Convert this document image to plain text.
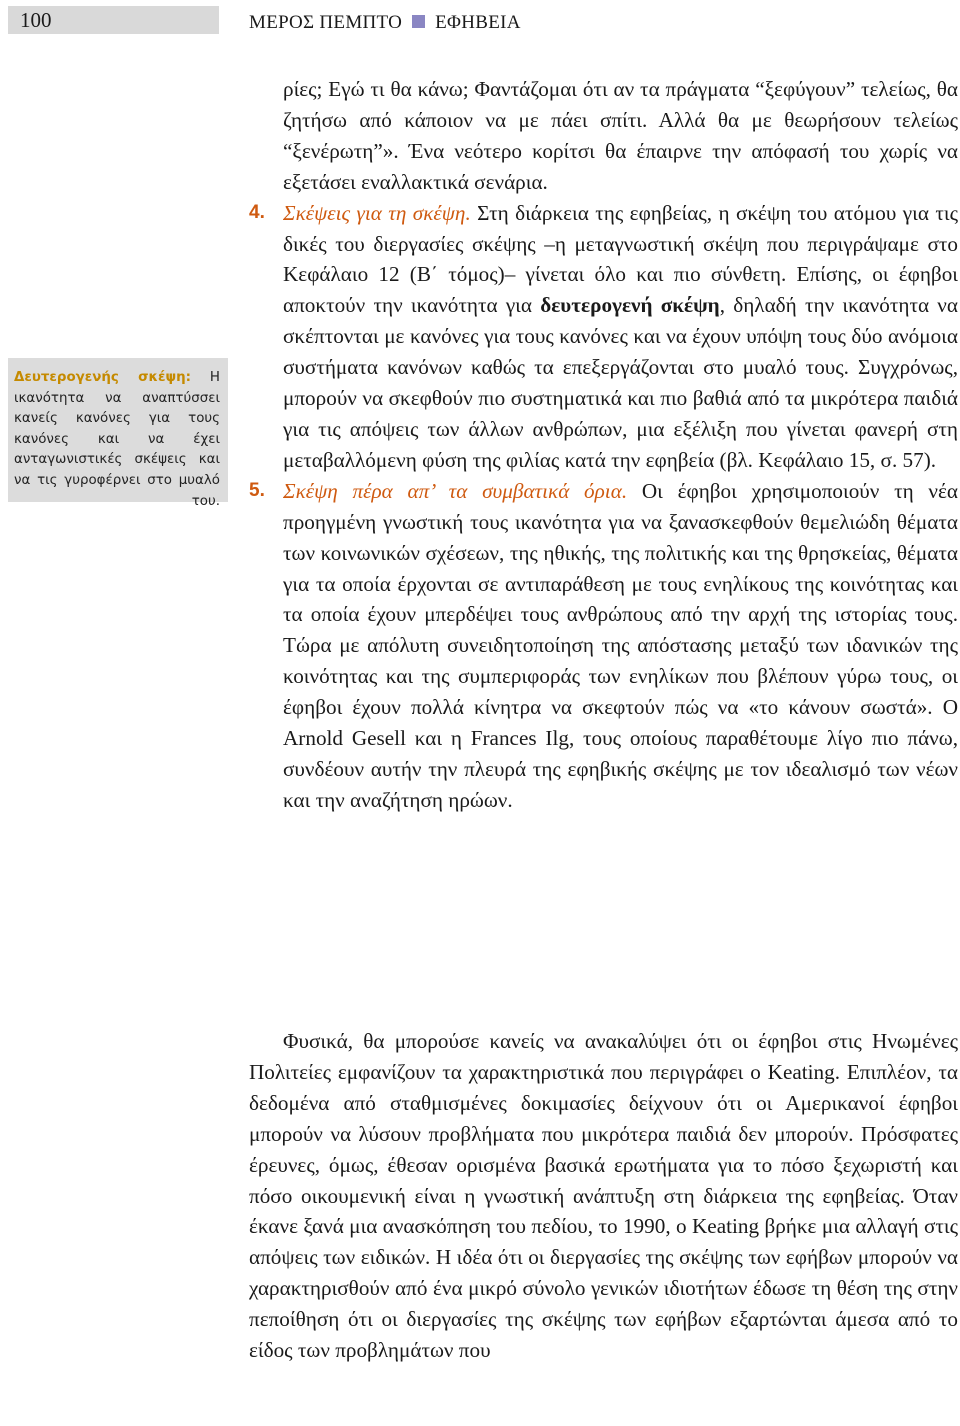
100	ΜΕΡΟΣ ΠΕΜΠΤΟ ΕΦΗΒΕΙΑ
Δευτερογενής σκέψη: Η ικανότητα να αναπτύσσει κανείς κανόνες για τους κανόνες και να έχει ανταγωνιστικές σκέψεις και να τις γυροφέρνει στο μυαλό του.

ρίες; Εγώ τι θα κάνω; Φαντάζομαι ότι αν τα πράγματα “ξεφύγουν” τελείως, θα ζητήσω από κάποιον να με πάει σπίτι. Αλλά θα με θεωρήσουν τελείως “ξενέρωτη”». Ένα νεότερο κορίτσι θα έπαιρνε την απόφασή του χωρίς να εξετάσει εναλλακτικά σενάρια.

4. Σκέψεις για τη σκέψη. Στη διάρκεια της εφηβείας, η σκέψη του ατόμου για τις δικές του διεργασίες σκέψης –η μεταγνωστική σκέψη που περιγράψαμε στο Κεφάλαιο 12 (Β΄ τόμος)– γίνεται όλο και πιο σύνθετη. Επίσης, οι έφηβοι αποκτούν την ικανότητα για δευτερογενή σκέψη, δηλαδή την ικανότητα να σκέπτονται με κανόνες για τους κανόνες και να έχουν υπόψη τους δύο ανόμοια συστήματα κανόνων καθώς τα επεξεργάζονται στο μυαλό τους. Συγχρόνως, μπορούν να σκεφθούν πιο συστηματικά και πιο βαθιά από τα μικρότερα παιδιά για τις απόψεις των άλλων ανθρώπων, μια εξέλιξη που γίνεται φανερή στη μεταβαλλόμενη φύση της φιλίας κατά την εφηβεία (βλ. Κεφάλαιο 15, σ. 57).

5. Σκέψη πέρα απ’ τα συμβατικά όρια. Οι έφηβοι χρησιμοποιούν τη νέα προηγμένη γνωστική τους ικανότητα για να ξανασκεφθούν θεμελιώδη θέματα των κοινωνικών σχέσεων, της ηθικής, της πολιτικής και της θρησκείας, θέματα για τα οποία έρχονται σε αντιπαράθεση με τους ενηλίκους της κοινότητας και τα οποία έχουν μπερδέψει τους ανθρώπους από την αρχή της ιστορίας τους. Τώρα με απόλυτη συνειδητοποίηση της απόστασης μεταξύ των ιδανικών της κοινότητας και της συμπεριφοράς των ενηλίκων που βλέπουν γύρω τους, οι έφηβοι έχουν πολλά κίνητρα να σκεφτούν πώς να «το κάνουν σωστά». Ο Arnold Gesell και η Frances Ilg, τους οποίους παραθέτουμε λίγο πιο πάνω, συνδέουν αυτήν την πλευρά της εφηβικής σκέψης με τον ιδεαλισμό των νέων και την αναζήτηση ηρώων.

Φυσικά, θα μπορούσε κανείς να ανακαλύψει ότι οι έφηβοι στις Ηνωμένες Πολιτείες εμφανίζουν τα χαρακτηριστικά που περιγράφει ο Keating. Επιπλέον, τα δεδομένα από σταθμισμένες δοκιμασίες δείχνουν ότι οι Αμερικανοί έφηβοι μπορούν να λύσουν προβλήματα που μικρότερα παιδιά δεν μπορούν. Πρόσφατες έρευνες, όμως, έθεσαν ορισμένα βασικά ερωτήματα για το πόσο ξεχωριστή και πόσο οικουμενική είναι η γνωστική ανάπτυξη στη διάρκεια της εφηβείας. Όταν έκανε ξανά μια ανασκόπηση του πεδίου, το 1990, ο Keating βρήκε μια αλλαγή στις απόψεις των ειδικών. Η ιδέα ότι οι διεργασίες της σκέψης των εφήβων μπορούν να χαρακτηρισθούν από ένα μικρό σύνολο γενικών ιδιοτήτων έδωσε τη θέση της στην πεποίθηση ότι οι διεργασίες της σκέψης των εφήβων εξαρτώνται άμεσα από το είδος των προβλημάτων που
